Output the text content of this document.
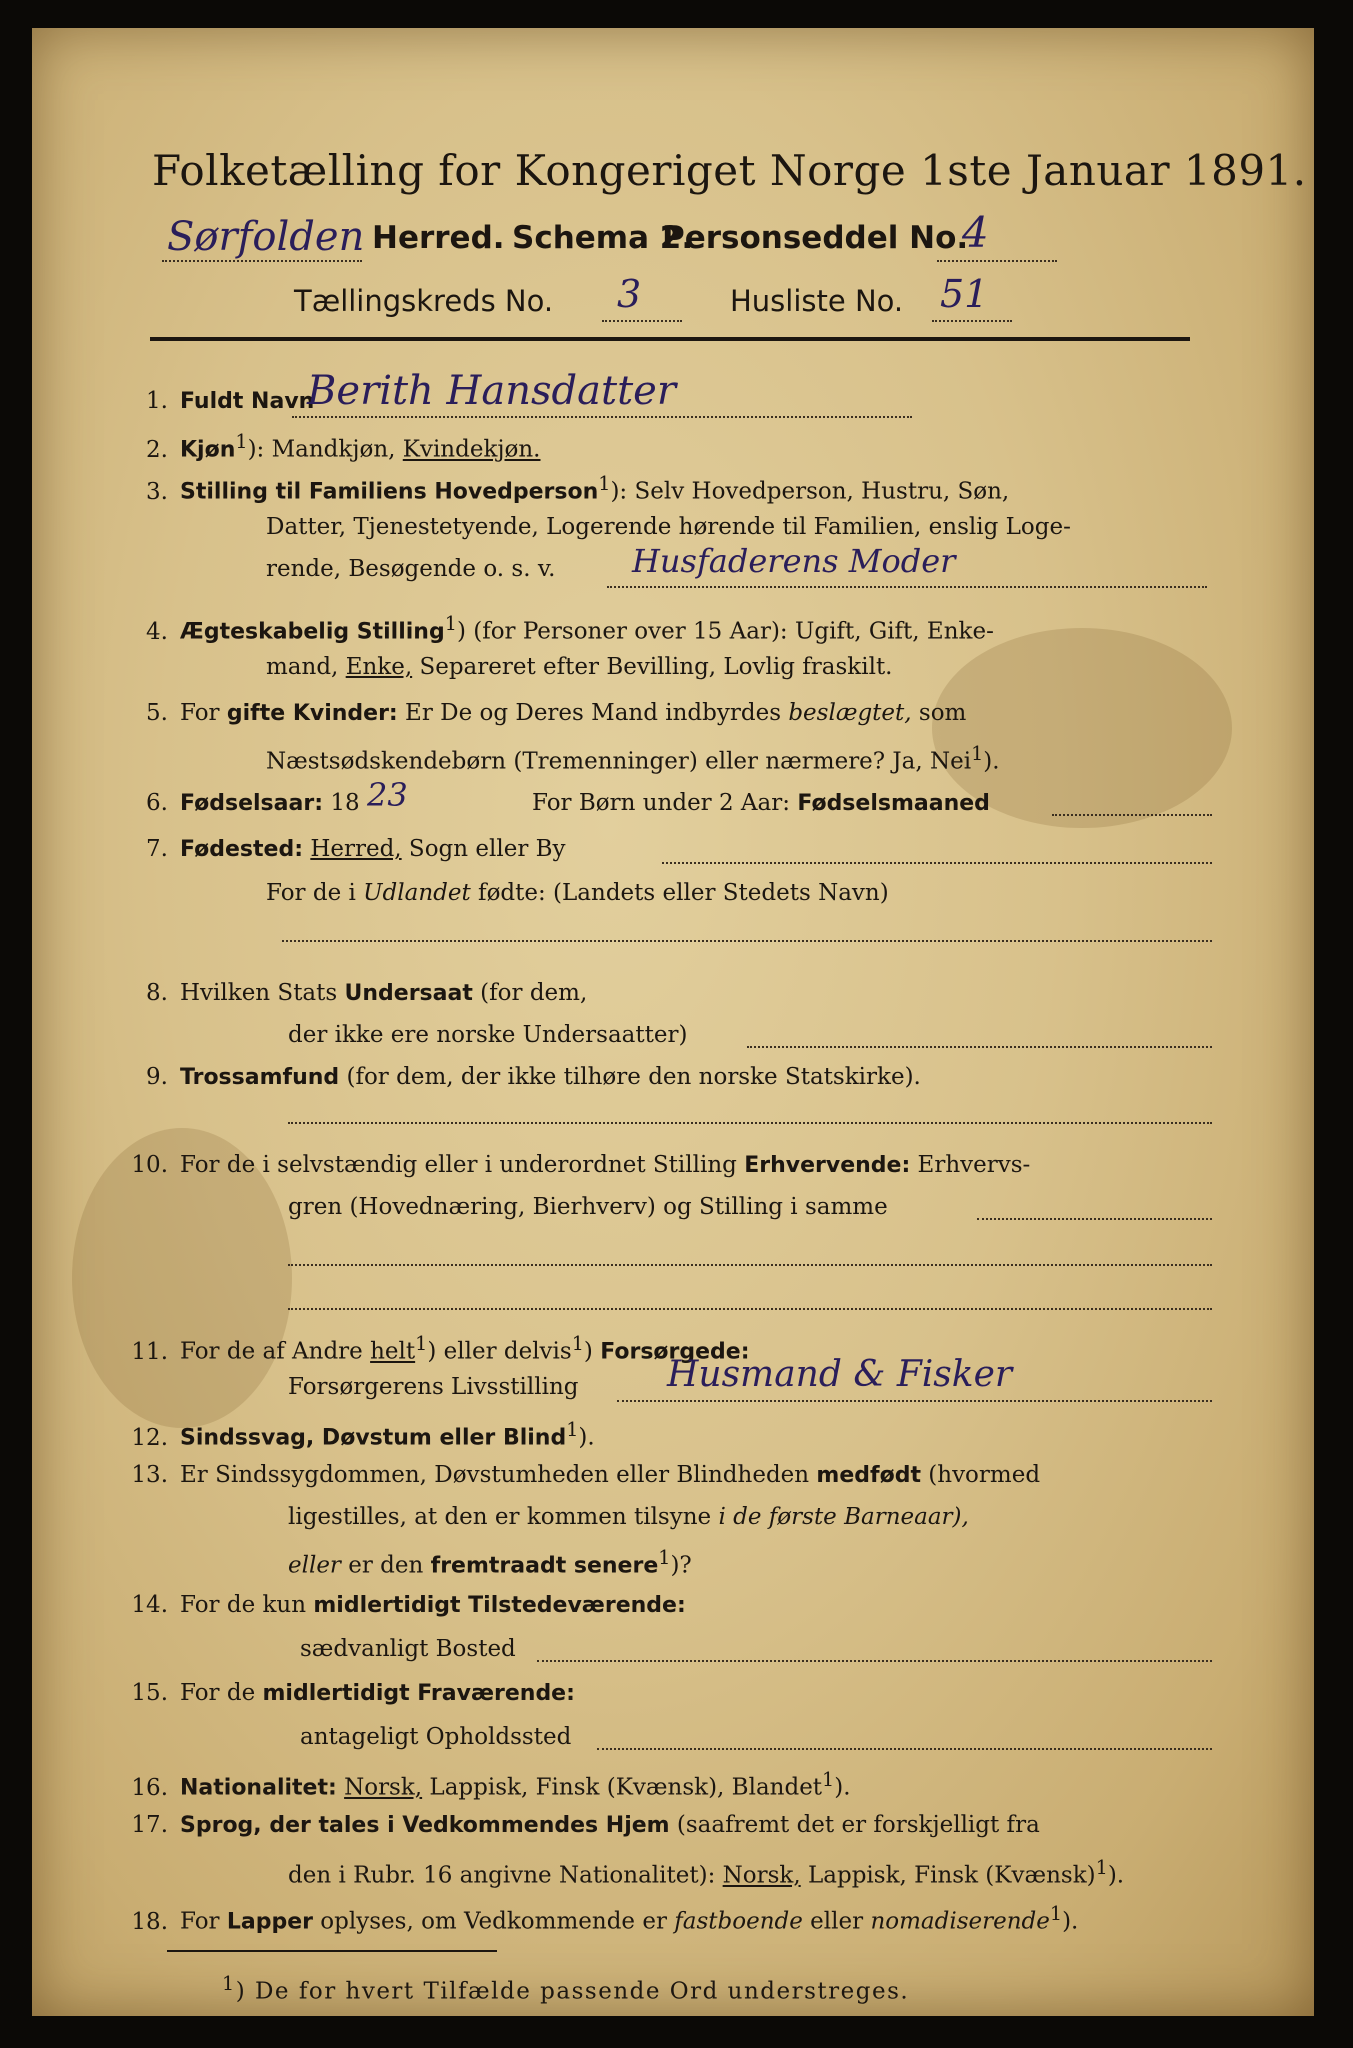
Folketælling for Kongeriget Norge 1ste Januar 1891.
Sørfolden Herred. Schema 2.
Personseddel No.
4
Tællingskreds No. 3	Husliste No. 51
1. Fuldt Navn
Berith Hansdatter
2. Kjøn$^1$): Mandkjøn, Kvindekjøn.
3. Stilling til Familiens Hovedperson$^1$): Selv Hovedperson, Hustru, Søn,
Datter, Tjenestetyende, Logerende hørende til Familien, enslig Loge-
rende, Besøgende o. s. v. Husfaderens Moder
4. Ægteskabelig Stilling$^1$) (for Personer over 15 Aar): Ugift, Gift, Enke-
mand, Enke, Separeret efter Bevilling, Lovlig fraskilt.
5. For gifte Kvinder: Er De og Deres Mand indbyrdes beslægtet, som
Næstsødskendebørn (Tremenninger) eller nærmere? Ja, Nei$^1$).
6. Fødselsaar: 18 23	For Børn under 2 Aar: Fødselsmaaned
7. Fødested: Herred, Sogn eller By
For de i Udlandet fødte: (Landets eller Stedets Navn)
8. Hvilken Stats Undersaat (for dem,
der ikke ere norske Undersaatter)
9. Trossamfund (for dem, der ikke tilhøre den norske Statskirke).
10. For de i selvstændig eller i underordnet Stilling Erhvervende: Erhvervs-
gren (Hovednæring, Bierhverv) og Stilling i samme
11. For de af Andre helt$^1$) eller delvis$^1$) Forsørgede:
Forsørgerens Livsstilling Husmand & Fisker
12. Sindssvag, Døvstum eller Blind$^1$).
13. Er Sindssygdommen, Døvstumheden eller Blindheden medfødt (hvormed
ligestilles, at den er kommen tilsyne i de første Barneaar),
eller er den fremtraadt senere$^1$)?
14. For de kun midlertidigt Tilstedeværende:
sædvanligt Bosted
15. For de midlertidigt Fraværende:
antageligt Opholdssted
16. Nationalitet: Norsk, Lappisk, Finsk (Kvænsk), Blandet$^1$).
17. Sprog, der tales i Vedkommendes Hjem (saafremt det er forskjelligt fra
den i Rubr. 16 angivne Nationalitet): Norsk, Lappisk, Finsk (Kvænsk)$^1$).
18. For Lapper oplyses, om Vedkommende er fastboende eller nomadiserende$^1$).
$^1$) De for hvert Tilfælde passende Ord understreges.
